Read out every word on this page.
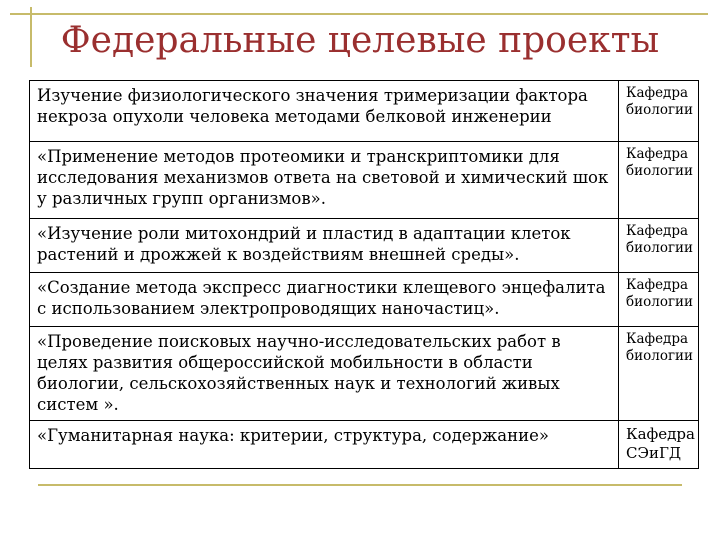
Федеральные целевые проекты
Изучение физиологического значения тримеризации фактора некроза опухоли человека методами белковой инженерии	Кафедра
биологии

«Применение методов протеомики и транскриптомики для исследования механизмов ответа на световой и химический шок у различных групп организмов».	Кафедра
биологии

«Изучение роли митохондрий и пластид в адаптации клеток растений и дрожжей к воздействиям внешней среды».	Кафедра
биологии

«Создание метода экспресс диагностики клещевого энцефалита с использованием электропроводящих наночастиц».	Кафедра
биологии

«Проведение поисковых научно-исследовательских работ в целях развития общероссийской мобильности в области биологии, сельскохозяйственных наук и технологий живых систем ».	Кафедра
биологии

«Гуманитарная наука: критерии, структура, содержание»	Кафедра
СЭиГД
